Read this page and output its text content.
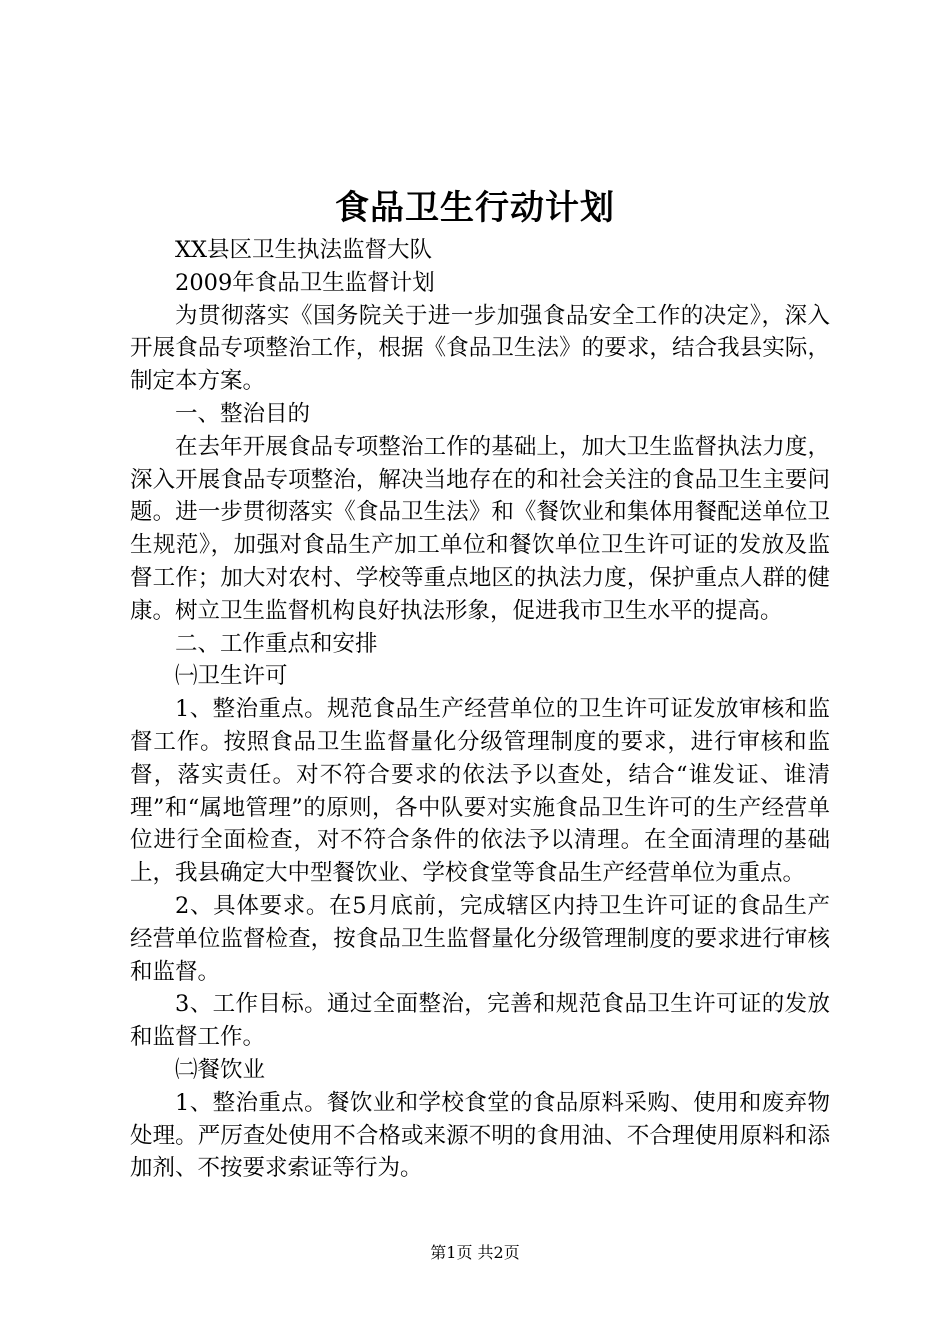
食品卫生行动计划

XX县区卫生执法监督大队

2009年食品卫生监督计划

为贯彻落实《国务院关于进一步加强食品安全工作的决定》，深入开展食品专项整治工作，根据《食品卫生法》的要求，结合我县实际，制定本方案。

一、整治目的

在去年开展食品专项整治工作的基础上，加大卫生监督执法力度，深入开展食品专项整治，解决当地存在的和社会关注的食品卫生主要问题。进一步贯彻落实《食品卫生法》和《餐饮业和集体用餐配送单位卫生规范》，加强对食品生产加工单位和餐饮单位卫生许可证的发放及监督工作；加大对农村、学校等重点地区的执法力度，保护重点人群的健康。树立卫生监督机构良好执法形象，促进我市卫生水平的提高。

二、工作重点和安排

㈠卫生许可

1、整治重点。规范食品生产经营单位的卫生许可证发放审核和监督工作。按照食品卫生监督量化分级管理制度的要求，进行审核和监督，落实责任。对不符合要求的依法予以查处，结合“谁发证、谁清理”和“属地管理”的原则，各中队要对实施食品卫生许可的生产经营单位进行全面检查，对不符合条件的依法予以清理。在全面清理的基础上，我县确定大中型餐饮业、学校食堂等食品生产经营单位为重点。

2、具体要求。在5月底前，完成辖区内持卫生许可证的食品生产经营单位监督检查，按食品卫生监督量化分级管理制度的要求进行审核和监督。

3、工作目标。通过全面整治，完善和规范食品卫生许可证的发放和监督工作。

㈡餐饮业

1、整治重点。餐饮业和学校食堂的食品原料采购、使用和废弃物处理。严厉查处使用不合格或来源不明的食用油、不合理使用原料和添加剂、不按要求索证等行为。

第1页 共2页
